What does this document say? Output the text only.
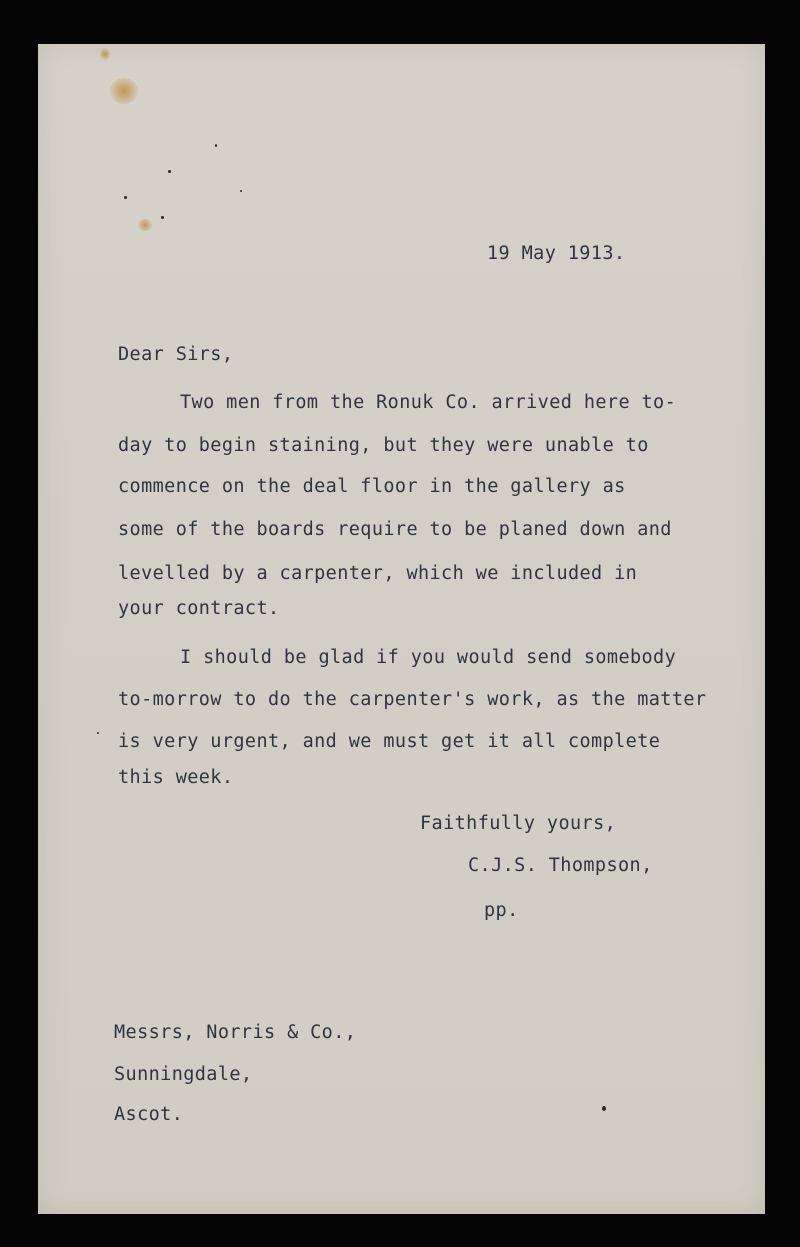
19 May 1913.
Dear Sirs,
Two men from the Ronuk Co. arrived here to-
day to begin staining, but they were unable to
commence on the deal floor in the gallery as
some of the boards require to be planed down and
levelled by a carpenter, which we included in
your contract.
I should be glad if you would send somebody
to-morrow to do the carpenter's work, as the matter
is very urgent, and we must get it all complete
this week.
Faithfully yours,
C.J.S. Thompson,
pp.
Messrs, Norris & Co.,
Sunningdale,
Ascot.
